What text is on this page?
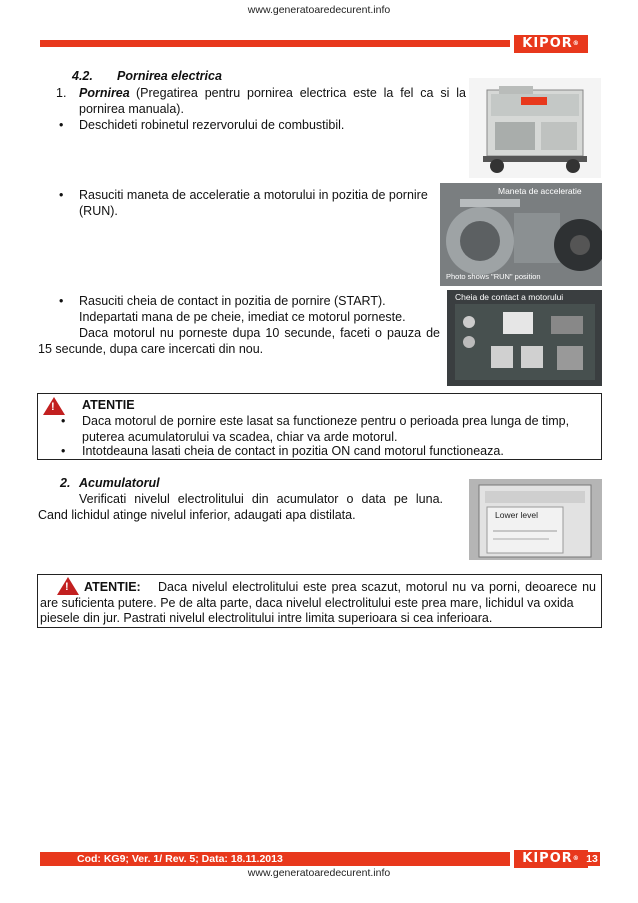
www.generatoaredecurent.info
KIPOR®
4.2. Pornirea electrica
1. Pornirea (Pregatirea pentru pornirea electrica este la fel ca si la
pornirea manuala).
• Deschideti robinetul rezervorului de combustibil.
• Rasuciti maneta de acceleratie a motorului in pozitia de pornire
(RUN).
Maneta de acceleratie
Photo shows "RUN" position
• Rasuciti cheia de contact in pozitia de pornire (START).
Indepartati mana de pe cheie, imediat ce motorul porneste.
Daca motorul nu porneste dupa 10 secunde, faceti o pauza de
15 secunde, dupa care incercati din nou.
Cheia de contact a motorului
!
ATENTIE
• Daca motorul de pornire este lasat sa functioneze pentru o perioada prea lunga de timp,
puterea acumulatorului va scadea, chiar va arde motorul.
• Intotdeauna lasati cheia de contact in pozitia ON cand motorul functioneaza.
2. Acumulatorul
Verificati nivelul electrolitului din acumulator o data pe luna.
Cand lichidul atinge nivelul inferior, adaugati apa distilata.	Lower level
!
ATENTIE: Daca nivelul electrolitului este prea scazut, motorul nu va porni, deoarece nu
are suficienta putere. Pe de alta parte, daca nivelul electrolitului este prea mare, lichidul va oxida
piesele din jur. Pastrati nivelul electrolitului intre limita superioara si cea inferioara.
Cod: KG9; Ver. 1/ Rev. 5; Data: 18.11.2013	KIPOR® 13
www.generatoaredecurent.info
